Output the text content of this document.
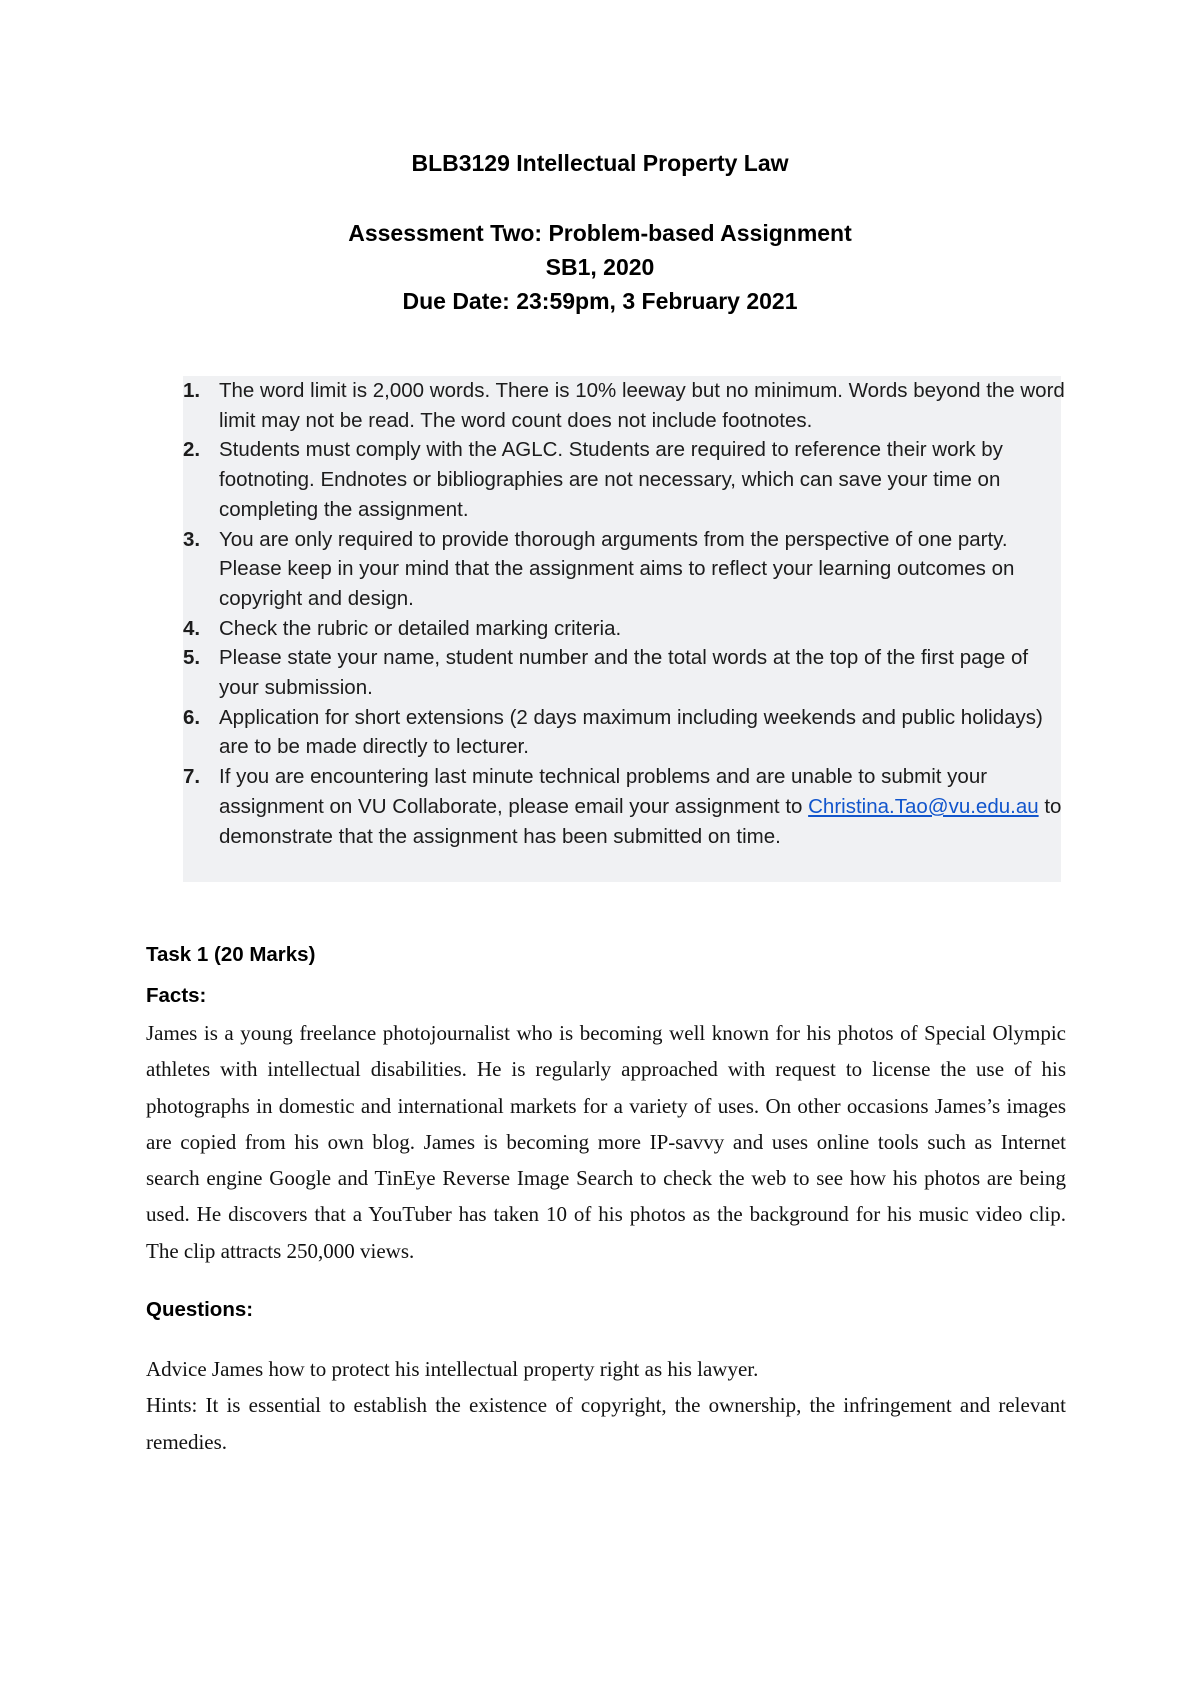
BLB3129 Intellectual Property Law
Assessment Two: Problem-based Assignment
SB1, 2020
Due Date: 23:59pm, 3 February 2021
1. The word limit is 2,000 words. There is 10% leeway but no minimum. Words beyond the word limit may not be read. The word count does not include footnotes.
2. Students must comply with the AGLC. Students are required to reference their work by footnoting. Endnotes or bibliographies are not necessary, which can save your time on completing the assignment.
3. You are only required to provide thorough arguments from the perspective of one party. Please keep in your mind that the assignment aims to reflect your learning outcomes on copyright and design.
4. Check the rubric or detailed marking criteria.
5. Please state your name, student number and the total words at the top of the first page of your submission.
6. Application for short extensions (2 days maximum including weekends and public holidays) are to be made directly to lecturer.
7. If you are encountering last minute technical problems and are unable to submit your assignment on VU Collaborate, please email your assignment to Christina.Tao@vu.edu.au to demonstrate that the assignment has been submitted on time.

Task 1 (20 Marks)

Facts:

James is a young freelance photojournalist who is becoming well known for his photos of Special Olympic athletes with intellectual disabilities. He is regularly approached with request to license the use of his photographs in domestic and international markets for a variety of uses. On other occasions James’s images are copied from his own blog. James is becoming more IP-savvy and uses online tools such as Internet search engine Google and TinEye Reverse Image Search to check the web to see how his photos are being used. He discovers that a YouTuber has taken 10 of his photos as the background for his music video clip. The clip attracts 250,000 views.

Questions:

Advice James how to protect his intellectual property right as his lawyer.

Hints: It is essential to establish the existence of copyright, the ownership, the infringement and relevant remedies.
